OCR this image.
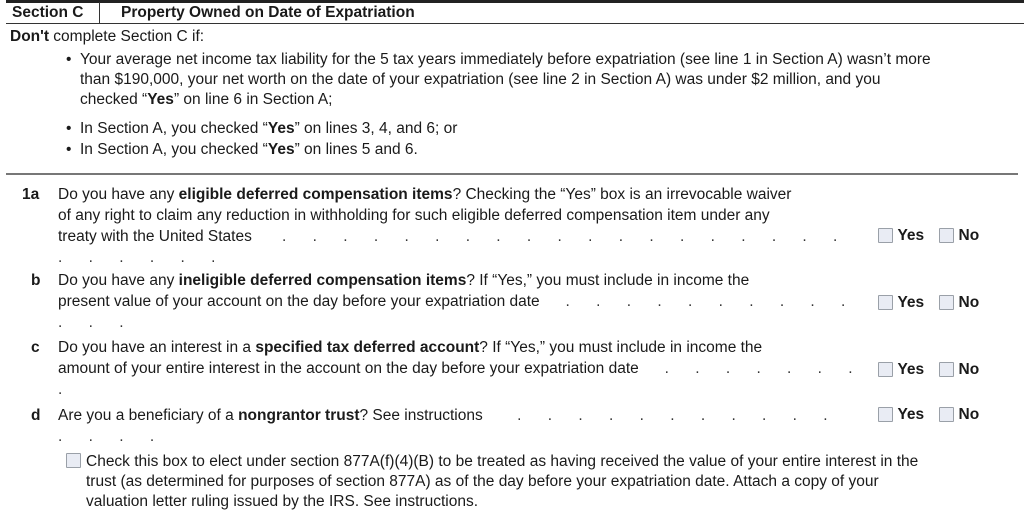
Section C Property Owned on Date of Expatriation
Don't complete Section C if:
• Your average net income tax liability for the 5 tax years immediately before expatriation (see line 1 in Section A) wasn’t more
than $190,000, your net worth on the date of your expatriation (see line 2 in Section A) was under $2 million, and you
checked “Yes” on line 6 in Section A;
• In Section A, you checked “Yes” on lines 3, 4, and 6; or
• In Section A, you checked “Yes” on lines 5 and 6.
1a Do you have any eligible deferred compensation items? Checking the “Yes” box is an irrevocable waiver
of any right to claim any reduction in withholding for such eligible deferred compensation item under any
treaty with the United States . . . . . . . . . . . . . . . . . . . . . . . . .
Yes No
b Do you have any ineligible deferred compensation items? If “Yes,” you must include in income the
present value of your account on the day before your expatriation date . . . . . . . . . . . . .
Yes No
c Do you have an interest in a specified tax deferred account? If “Yes,” you must include in income the
amount of your entire interest in the account on the day before your expatriation date . . . . . . . .
Yes No
d Are you a beneficiary of a nongrantor trust? See instructions . . . . . . . . . . . . . . .
Yes No
Check this box to elect under section 877A(f)(4)(B) to be treated as having received the value of your entire interest in the
trust (as determined for purposes of section 877A) as of the day before your expatriation date. Attach a copy of your
valuation letter ruling issued by the IRS. See instructions.
